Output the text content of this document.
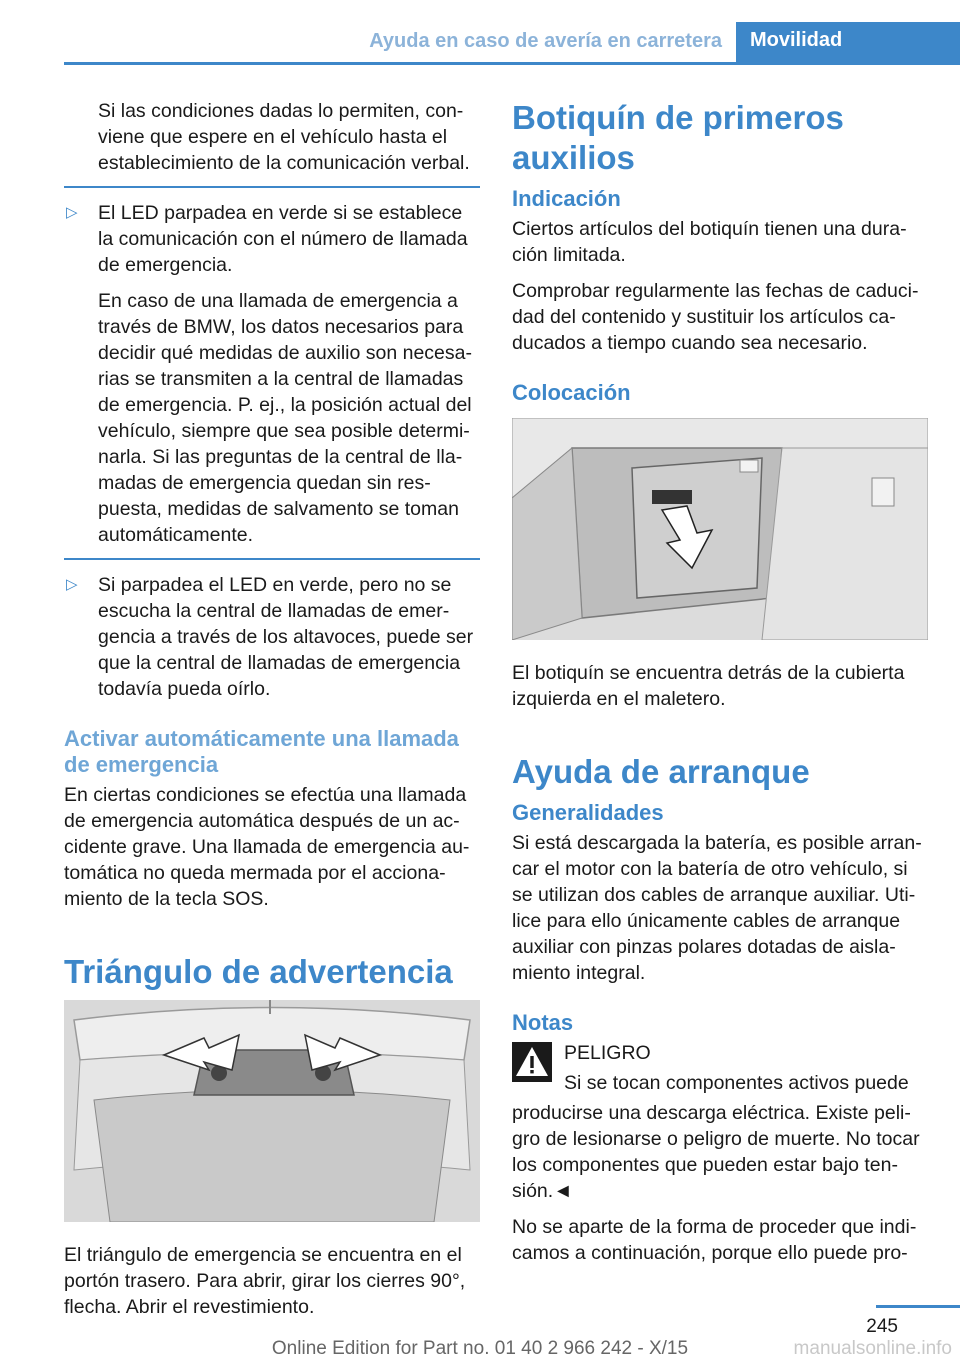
Ayuda en caso de avería en carretera	Movilidad

Si las condiciones dadas lo permiten, conviene que espere en el vehículo hasta el establecimiento de la comunicación verbal.

▷ El LED parpadea en verde si se establece la comunicación con el número de llamada de emergencia.

En caso de una llamada de emergencia a través de BMW, los datos necesarios para decidir qué medidas de auxilio son necesarias se transmiten a la central de llamadas de emergencia. P. ej., la posición actual del vehículo, siempre que sea posible determinarla. Si las preguntas de la central de llamadas de emergencia quedan sin respuesta, medidas de salvamento se toman automáticamente.

▷ Si parpadea el LED en verde, pero no se escucha la central de llamadas de emergencia a través de los altavoces, puede ser que la central de llamadas de emergencia todavía pueda oírlo.
Activar automáticamente una llamada de emergencia

En ciertas condiciones se efectúa una llamada de emergencia automática después de un accidente grave. Una llamada de emergencia automática no queda mermada por el accionamiento de la tecla SOS.

Triángulo de advertencia

El triángulo de emergencia se encuentra en el portón trasero. Para abrir, girar los cierres 90°, flecha. Abrir el revestimiento.

Botiquín de primeros auxilios
Indicación

Ciertos artículos del botiquín tienen una duración limitada.

Comprobar regularmente las fechas de caducidad del contenido y sustituir los artículos caducados a tiempo cuando sea necesario.

Colocación

El botiquín se encuentra detrás de la cubierta izquierda en el maletero.

Ayuda de arranque
Generalidades

Si está descargada la batería, es posible arrancar el motor con la batería de otro vehículo, si se utilizan dos cables de arranque auxiliar. Utilice para ello únicamente cables de arranque auxiliar con pinzas polares dotadas de aislamiento integral.

Notas
PELIGRO
Si se tocan componentes activos puede

producirse una descarga eléctrica. Existe peligro de lesionarse o peligro de muerte. No tocar los componentes que pueden estar bajo tensión.◄

No se aparte de la forma de proceder que indicamos a continuación, porque ello puede pro-

245
Online Edition for Part no. 01 40 2 966 242 - X/15	manualsonline.info
